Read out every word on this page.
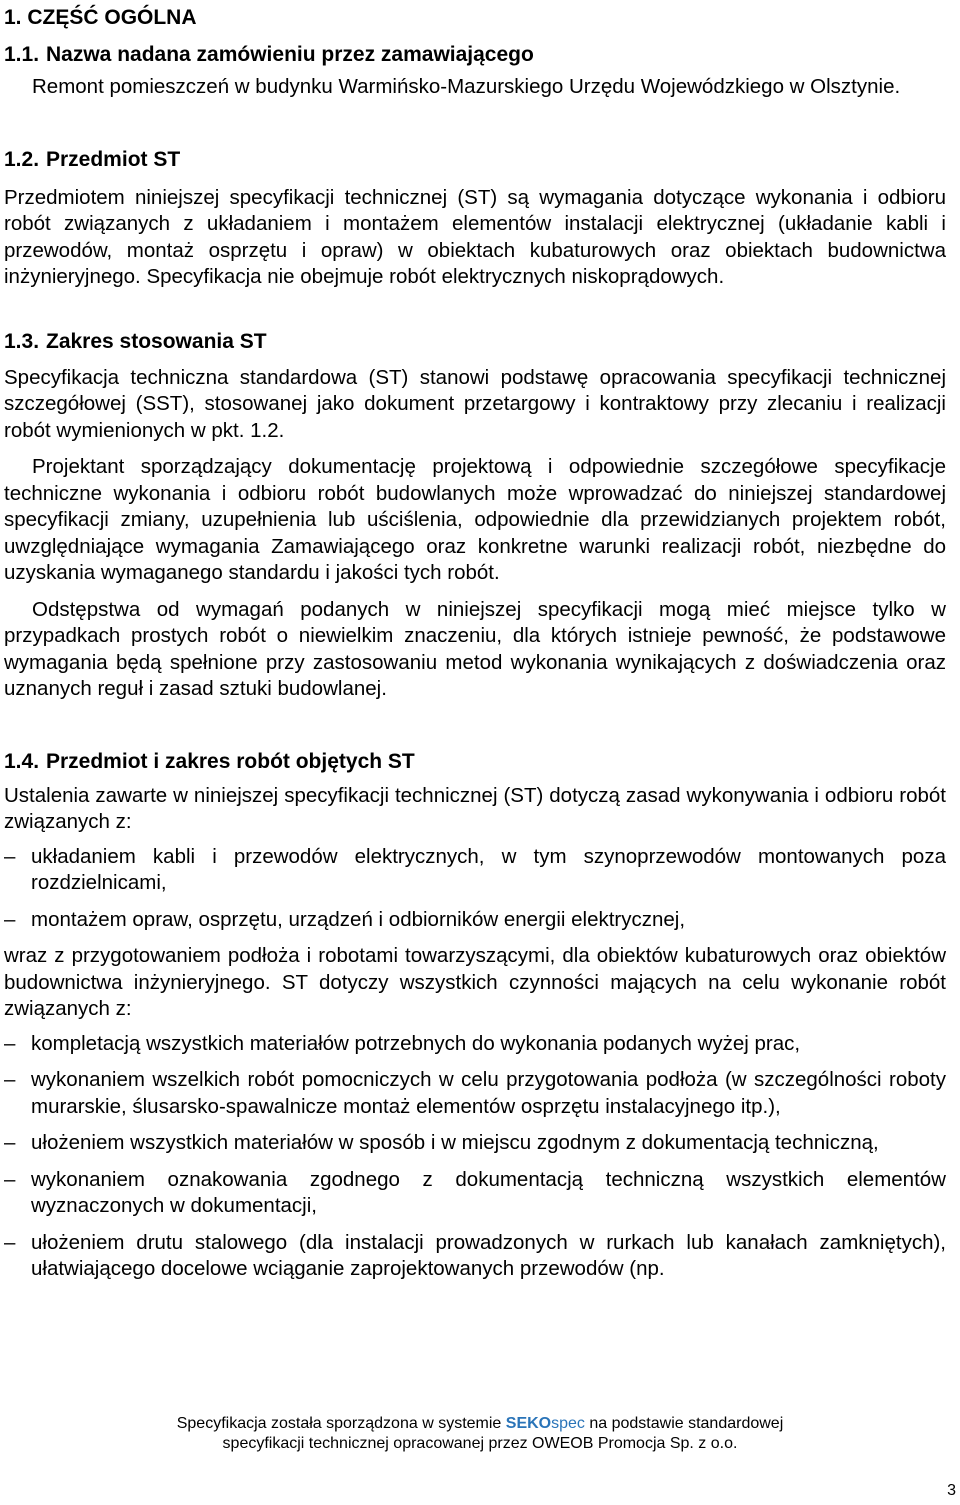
1. CZĘŚĆ OGÓLNA
1.1. Nazwa nadana zamówieniu przez zamawiającego

Remont pomieszczeń w budynku Warmińsko-Mazurskiego Urzędu Wojewódzkiego w Olsztynie.

1.2. Przedmiot ST

Przedmiotem niniejszej specyfikacji technicznej (ST) są wymagania dotyczące wykonania i odbioru robót związanych z układaniem i montażem elementów instalacji elektrycznej (układanie kabli i przewodów, montaż osprzętu i opraw) w obiektach kubaturowych oraz obiektach budownictwa inżynieryjnego. Specyfikacja nie obejmuje robót elektrycznych niskoprądowych.

1.3. Zakres stosowania ST

Specyfikacja techniczna standardowa (ST) stanowi podstawę opracowania specyfikacji technicznej szczegółowej (SST), stosowanej jako dokument przetargowy i kontraktowy przy zlecaniu i realizacji robót wymienionych w pkt. 1.2.

Projektant sporządzający dokumentację projektową i odpowiednie szczegółowe specyfikacje techniczne wykonania i odbioru robót budowlanych może wprowadzać do niniejszej standardowej specyfikacji zmiany, uzupełnienia lub uściślenia, odpowiednie dla przewidzianych projektem robót, uwzględniające wymagania Zamawiającego oraz konkretne warunki realizacji robót, niezbędne do uzyskania wymaganego standardu i jakości tych robót.

Odstępstwa od wymagań podanych w niniejszej specyfikacji mogą mieć miejsce tylko w przypadkach prostych robót o niewielkim znaczeniu, dla których istnieje pewność, że podstawowe wymagania będą spełnione przy zastosowaniu metod wykonania wynikających z doświadczenia oraz uznanych reguł i zasad sztuki budowlanej.

1.4. Przedmiot i zakres robót objętych ST

Ustalenia zawarte w niniejszej specyfikacji technicznej (ST) dotyczą zasad wykonywania i odbioru robót związanych z:

– układaniem kabli i przewodów elektrycznych, w tym szynoprzewodów montowanych poza rozdzielnicami,
– montażem opraw, osprzętu, urządzeń i odbiorników energii elektrycznej,

wraz z przygotowaniem podłoża i robotami towarzyszącymi, dla obiektów kubaturowych oraz obiektów budownictwa inżynieryjnego. ST dotyczy wszystkich czynności mających na celu wykonanie robót związanych z:

– kompletacją wszystkich materiałów potrzebnych do wykonania podanych wyżej prac,
– wykonaniem wszelkich robót pomocniczych w celu przygotowania podłoża (w szczególności roboty murarskie, ślusarsko-spawalnicze montaż elementów osprzętu instalacyjnego itp.),
– ułożeniem wszystkich materiałów w sposób i w miejscu zgodnym z dokumentacją techniczną,
– wykonaniem oznakowania zgodnego z dokumentacją techniczną wszystkich elementów wyznaczonych w dokumentacji,
– ułożeniem drutu stalowego (dla instalacji prowadzonych w rurkach lub kanałach zamkniętych), ułatwiającego docelowe wciąganie zaprojektowanych przewodów (np.
Specyfikacja została sporządzona w systemie SEKOspec na podstawie standardowej
specyfikacji technicznej opracowanej przez OWEOB Promocja Sp. z o.o.
3
